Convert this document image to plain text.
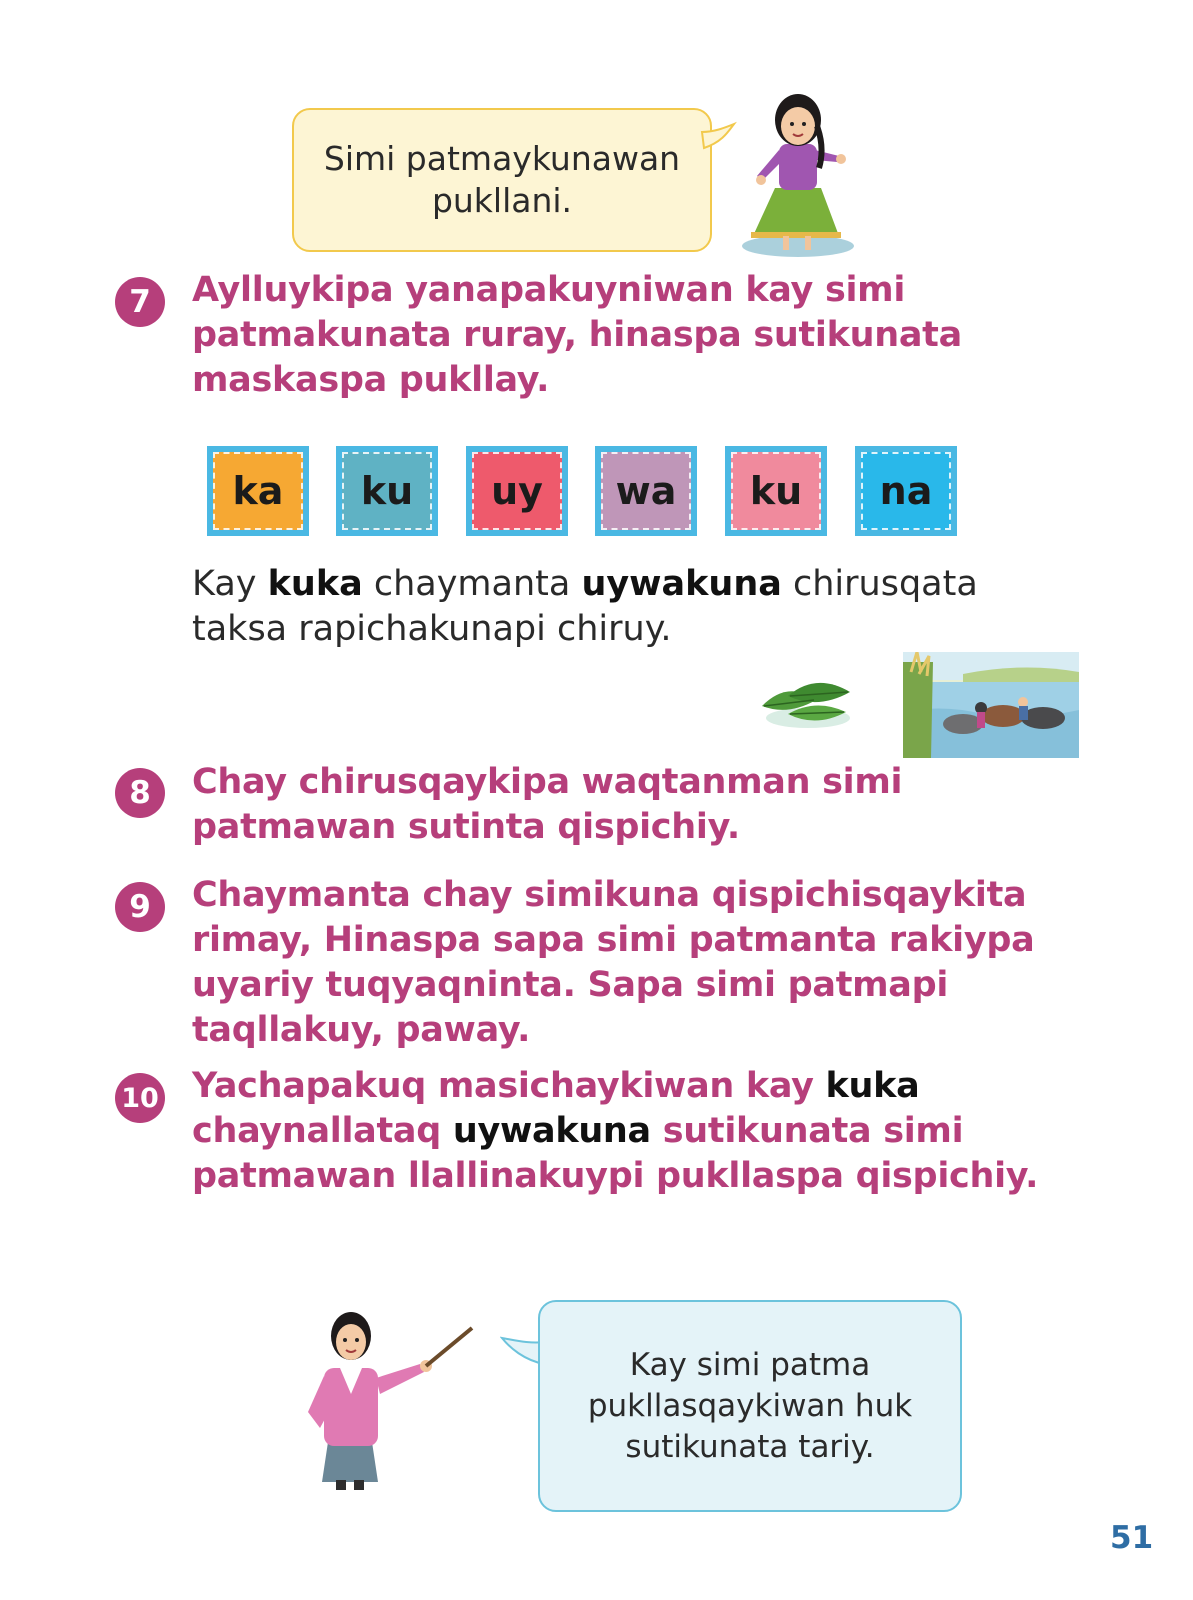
Simi patmaykunawan pukllani.
7	Aylluykipa yanapakuyniwan kay simi
patmakunata ruray, hinaspa sutikunata
maskaspa pukllay.

ka	ku	uy	wa	ku	na

Kay kuka chaymanta uywakuna chirusqata
taksa rapichakunapi chiruy.

8	Chay chirusqaykipa waqtanman simi
patmawan sutinta qispichiy.

9	Chaymanta chay simikuna qispichisqaykita
rimay, Hinaspa sapa simi patmanta rakiypa
uyariy tuqyaqninta. Sapa simi patmapi
taqllakuy, paway.

10 Yachapakuq masichaykiwan kay kuka
chaynallataq uywakuna sutikunata simi
patmawan llallinakuypi pukllaspa qispichiy.

Kay simi patma pukllasqaykiwan huk sutikunata tariy.
51
